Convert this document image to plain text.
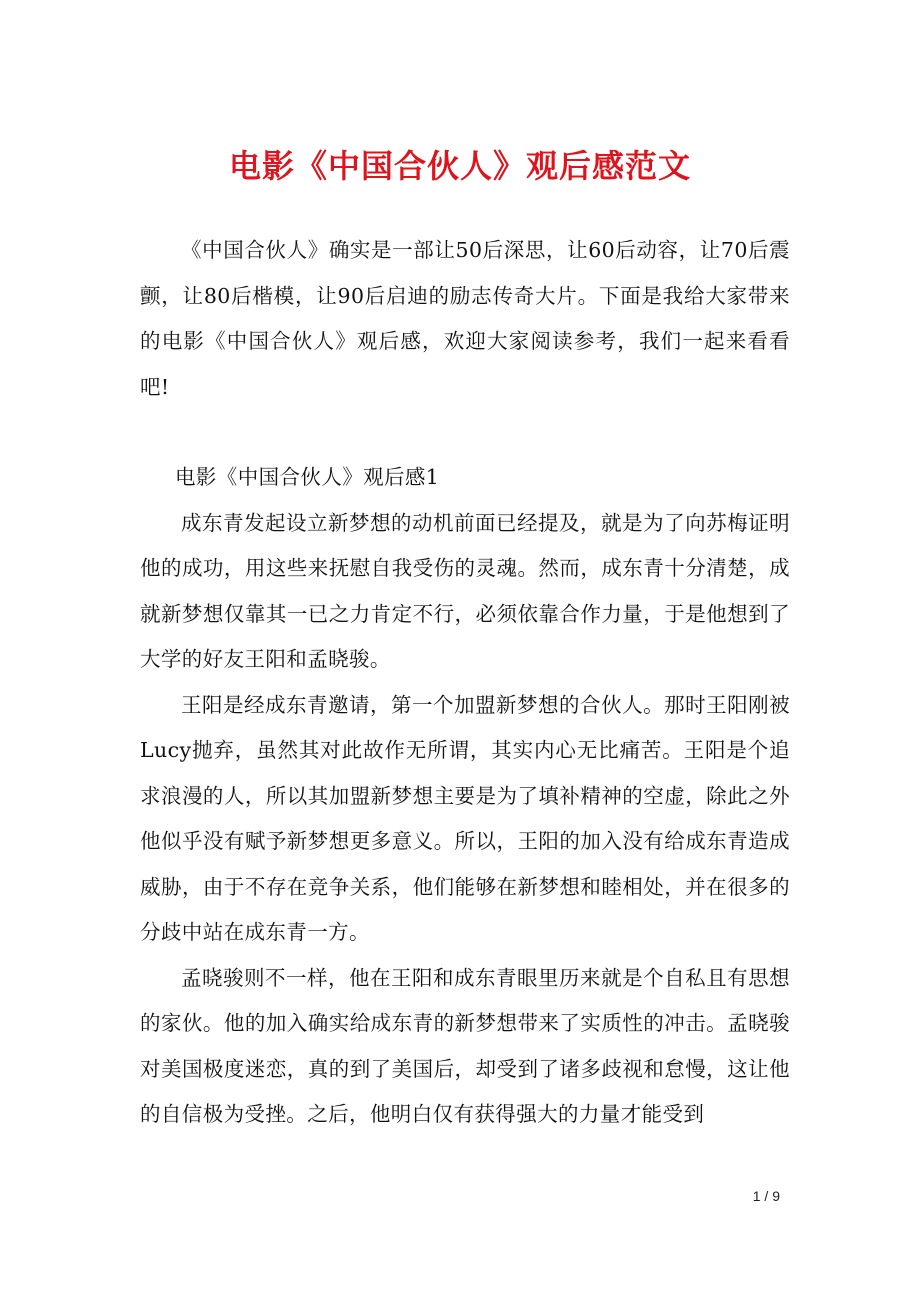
电影《中国合伙人》观后感范文

《中国合伙人》确实是一部让50后深思，让60后动容，让70后震颤，让80后楷模，让90后启迪的励志传奇大片。下面是我给大家带来的电影《中国合伙人》观后感，欢迎大家阅读参考，我们一起来看看吧!

电影《中国合伙人》观后感1

成东青发起设立新梦想的动机前面已经提及，就是为了向苏梅证明他的成功，用这些来抚慰自我受伤的灵魂。然而，成东青十分清楚，成就新梦想仅靠其一已之力肯定不行，必须依靠合作力量，于是他想到了大学的好友王阳和孟晓骏。

王阳是经成东青邀请，第一个加盟新梦想的合伙人。那时王阳刚被Lucy抛弃，虽然其对此故作无所谓，其实内心无比痛苦。王阳是个追求浪漫的人，所以其加盟新梦想主要是为了填补精神的空虚，除此之外他似乎没有赋予新梦想更多意义。所以，王阳的加入没有给成东青造成威胁，由于不存在竞争关系，他们能够在新梦想和睦相处，并在很多的分歧中站在成东青一方。

孟晓骏则不一样，他在王阳和成东青眼里历来就是个自私且有思想的家伙。他的加入确实给成东青的新梦想带来了实质性的冲击。孟晓骏对美国极度迷恋，真的到了美国后，却受到了诸多歧视和怠慢，这让他的自信极为受挫。之后，他明白仅有获得强大的力量才能受到

1 / 9
